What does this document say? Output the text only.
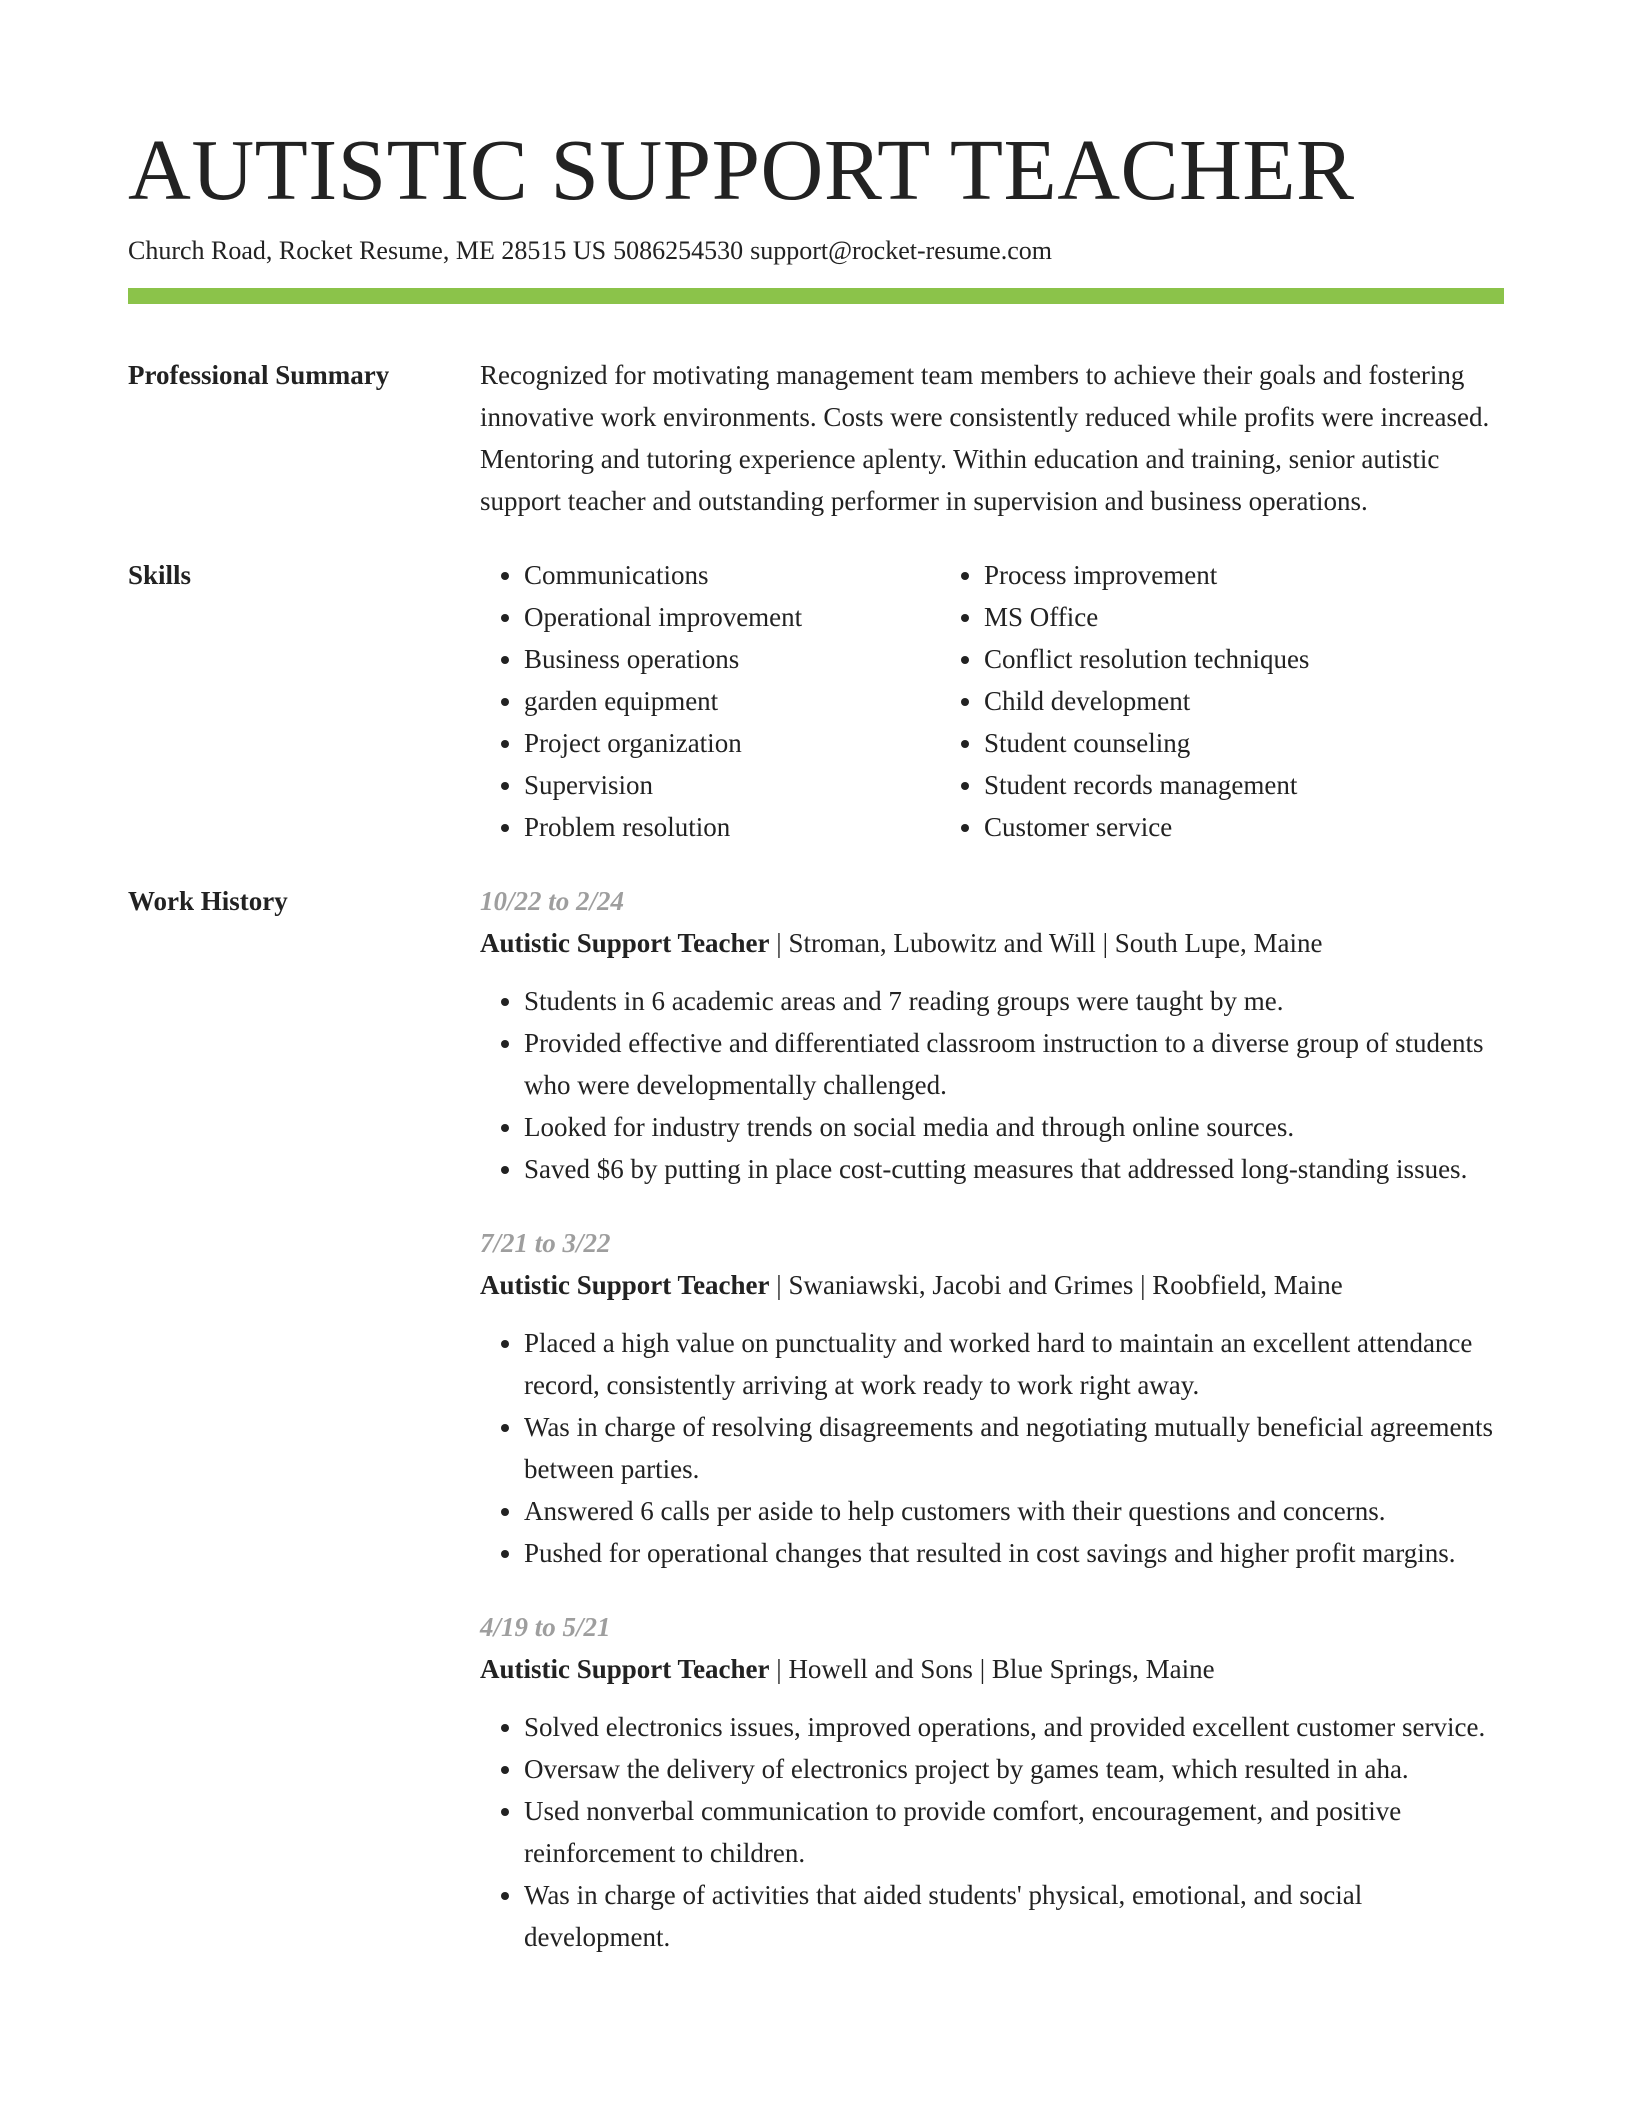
AUTISTIC SUPPORT TEACHER
Church Road, Rocket Resume, ME 28515 US 5086254530 support@rocket-resume.com
Professional Summary	Recognized for motivating management team members to achieve their goals and fostering innovative work environments. Costs were consistently reduced while profits were increased. Mentoring and tutoring experience aplenty. Within education and training, senior autistic support teacher and outstanding performer in supervision and business operations.

Skills
•	Communications
• Operational improvement
• Business operations
• garden equipment
• Project organization
• Supervision
• Problem resolution
• Process improvement
• MS Office
• Conflict resolution techniques
• Child development
• Student counseling
• Student records management
• Customer service
Work History	10/22 to 2/24
Autistic Support Teacher | Stroman, Lubowitz and Will | South Lupe, Maine
• Students in 6 academic areas and 7 reading groups were taught by me.
• Provided effective and differentiated classroom instruction to a diverse group of students who were developmentally challenged.
• Looked for industry trends on social media and through online sources.
• Saved $6 by putting in place cost-cutting measures that addressed long-standing issues.
7/21 to 3/22
Autistic Support Teacher | Swaniawski, Jacobi and Grimes | Roobfield, Maine
• Placed a high value on punctuality and worked hard to maintain an excellent attendance record, consistently arriving at work ready to work right away.
• Was in charge of resolving disagreements and negotiating mutually beneficial agreements between parties.
• Answered 6 calls per aside to help customers with their questions and concerns.
• Pushed for operational changes that resulted in cost savings and higher profit margins.
4/19 to 5/21
Autistic Support Teacher | Howell and Sons | Blue Springs, Maine
• Solved electronics issues, improved operations, and provided excellent customer service.
• Oversaw the delivery of electronics project by games team, which resulted in aha.
• Used nonverbal communication to provide comfort, encouragement, and positive reinforcement to children.
• Was in charge of activities that aided students' physical, emotional, and social development.
